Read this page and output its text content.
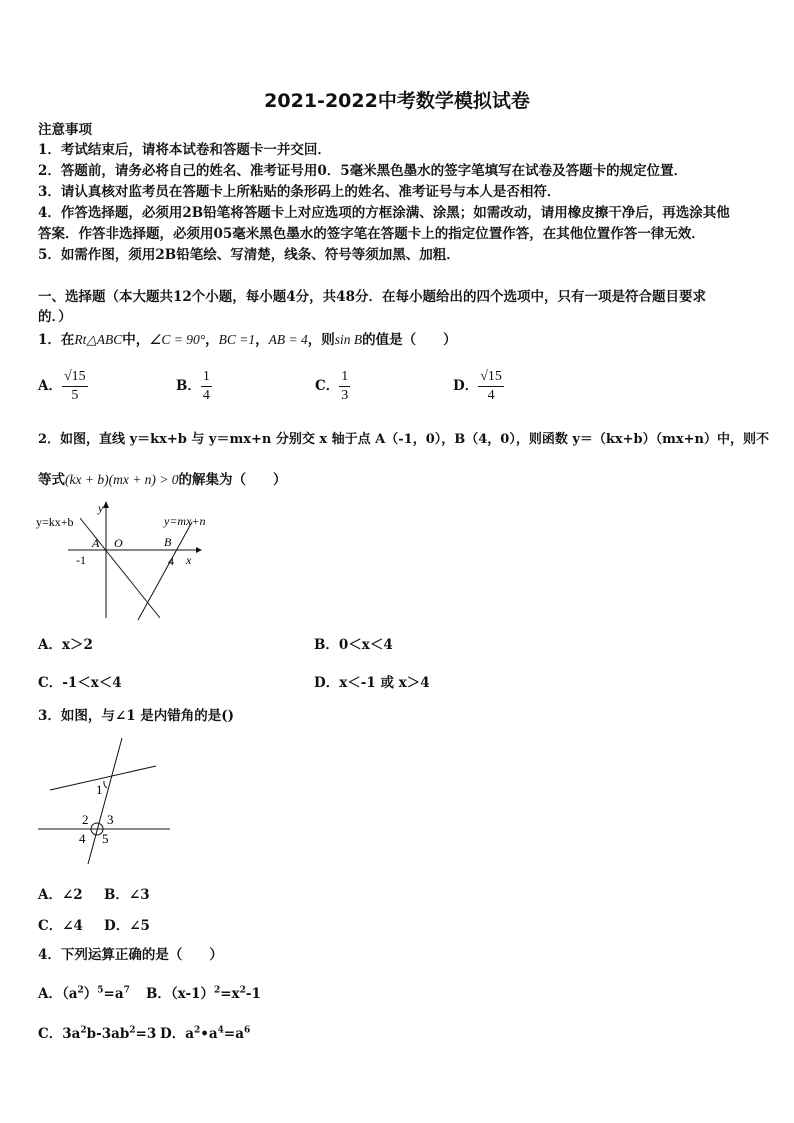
2021-2022中考数学模拟试卷
注意事项
1．考试结束后，请将本试卷和答题卡一并交回．
2．答题前，请务必将自己的姓名、准考证号用0．5毫米黑色墨水的签字笔填写在试卷及答题卡的规定位置．
3．请认真核对监考员在答题卡上所粘贴的条形码上的姓名、准考证号与本人是否相符．
4．作答选择题，必须用2B铅笔将答题卡上对应选项的方框涂满、涂黑；如需改动，请用橡皮擦干净后，再选涂其他
答案．作答非选择题，必须用05毫米黑色墨水的签字笔在答题卡上的指定位置作答，在其他位置作答一律无效．
5．如需作图，须用2B铅笔绘、写清楚，线条、符号等须加黑、加粗．
一、选择题（本大题共12个小题，每小题4分，共48分．在每小题给出的四个选项中，只有一项是符合题目要求
的．）
1．在Rt△ABC中，∠C = 90°，BC =1，AB = 4，则sin B的值是（　　）
A． $\frac{√15}{5}$	B． $\frac{1}{4}$	C． $\frac{1}{3}$	D． $\frac{√15}{4}$
2．如图，直线 y＝kx+b 与 y＝mx+n 分别交 x 轴于点 A（-1，0），B（4，0），则函数 y＝（kx+b）（mx+n）中，则不
等式(kx + b)(mx + n) > 0的解集为（　　）
y=kx+b	y=mx+n
y
x
O
A	B
-1	4
A．x＞2	B．0＜x＜4
C．-1＜x＜4	D．x＜-1 或 x＞4
3．如图，与∠1 是内错角的是()
1
2 3
4 5
A．∠2 B．∠3
C．∠4 D．∠5
4．下列运算正确的是（　　）
A．$(a^2)^5=a^7$ B．$(x-1)^2=x^2-1$
C．$3a^2b-3ab^2=3$ D．$a^2•a^4=a^6$
